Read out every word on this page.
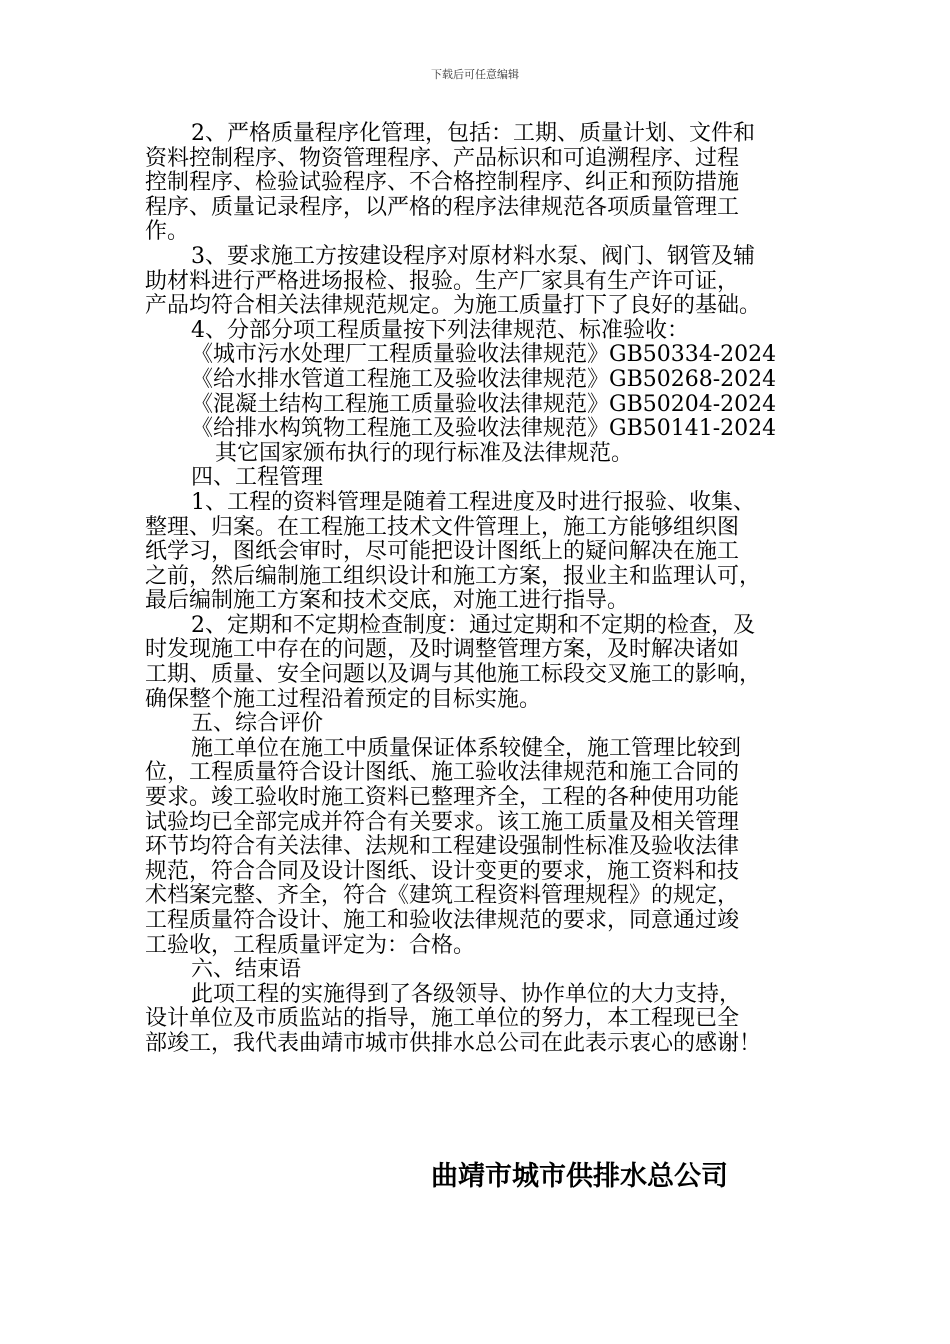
下载后可任意编辑
2、严格质量程序化管理，包括：工期、质量计划、文件和
资料控制程序、物资管理程序、产品标识和可追溯程序、过程
控制程序、检验试验程序、不合格控制程序、纠正和预防措施
程序、质量记录程序，以严格的程序法律规范各项质量管理工
作。
3、要求施工方按建设程序对原材料水泵、阀门、钢管及辅
助材料进行严格进场报检、报验。生产厂家具有生产许可证，
产品均符合相关法律规范规定。为施工质量打下了良好的基础。
4、分部分项工程质量按下列法律规范、标准验收：
《城市污水处理厂工程质量验收法律规范》GB50334-2024
《给水排水管道工程施工及验收法律规范》GB50268-2024
《混凝土结构工程施工质量验收法律规范》GB50204-2024
《给排水构筑物工程施工及验收法律规范》GB50141-2024
其它国家颁布执行的现行标准及法律规范。
四、工程管理
1、工程的资料管理是随着工程进度及时进行报验、收集、
整理、归案。在工程施工技术文件管理上，施工方能够组织图
纸学习，图纸会审时，尽可能把设计图纸上的疑问解决在施工
之前，然后编制施工组织设计和施工方案，报业主和监理认可，
最后编制施工方案和技术交底，对施工进行指导。
2、定期和不定期检查制度：通过定期和不定期的检查，及
时发现施工中存在的问题，及时调整管理方案，及时解决诸如
工期、质量、安全问题以及调与其他施工标段交叉施工的影响，
确保整个施工过程沿着预定的目标实施。
五、综合评价
施工单位在施工中质量保证体系较健全，施工管理比较到
位，工程质量符合设计图纸、施工验收法律规范和施工合同的
要求。竣工验收时施工资料已整理齐全，工程的各种使用功能
试验均已全部完成并符合有关要求。该工施工质量及相关管理
环节均符合有关法律、法规和工程建设强制性标准及验收法律
规范，符合合同及设计图纸、设计变更的要求，施工资料和技
术档案完整、齐全，符合《建筑工程资料管理规程》的规定，
工程质量符合设计、施工和验收法律规范的要求，同意通过竣
工验收，工程质量评定为：合格。
六、结束语
此项工程的实施得到了各级领导、协作单位的大力支持，
设计单位及市质监站的指导，施工单位的努力，本工程现已全
部竣工，我代表曲靖市城市供排水总公司在此表示衷心的感谢！
曲靖市城市供排水总公司
